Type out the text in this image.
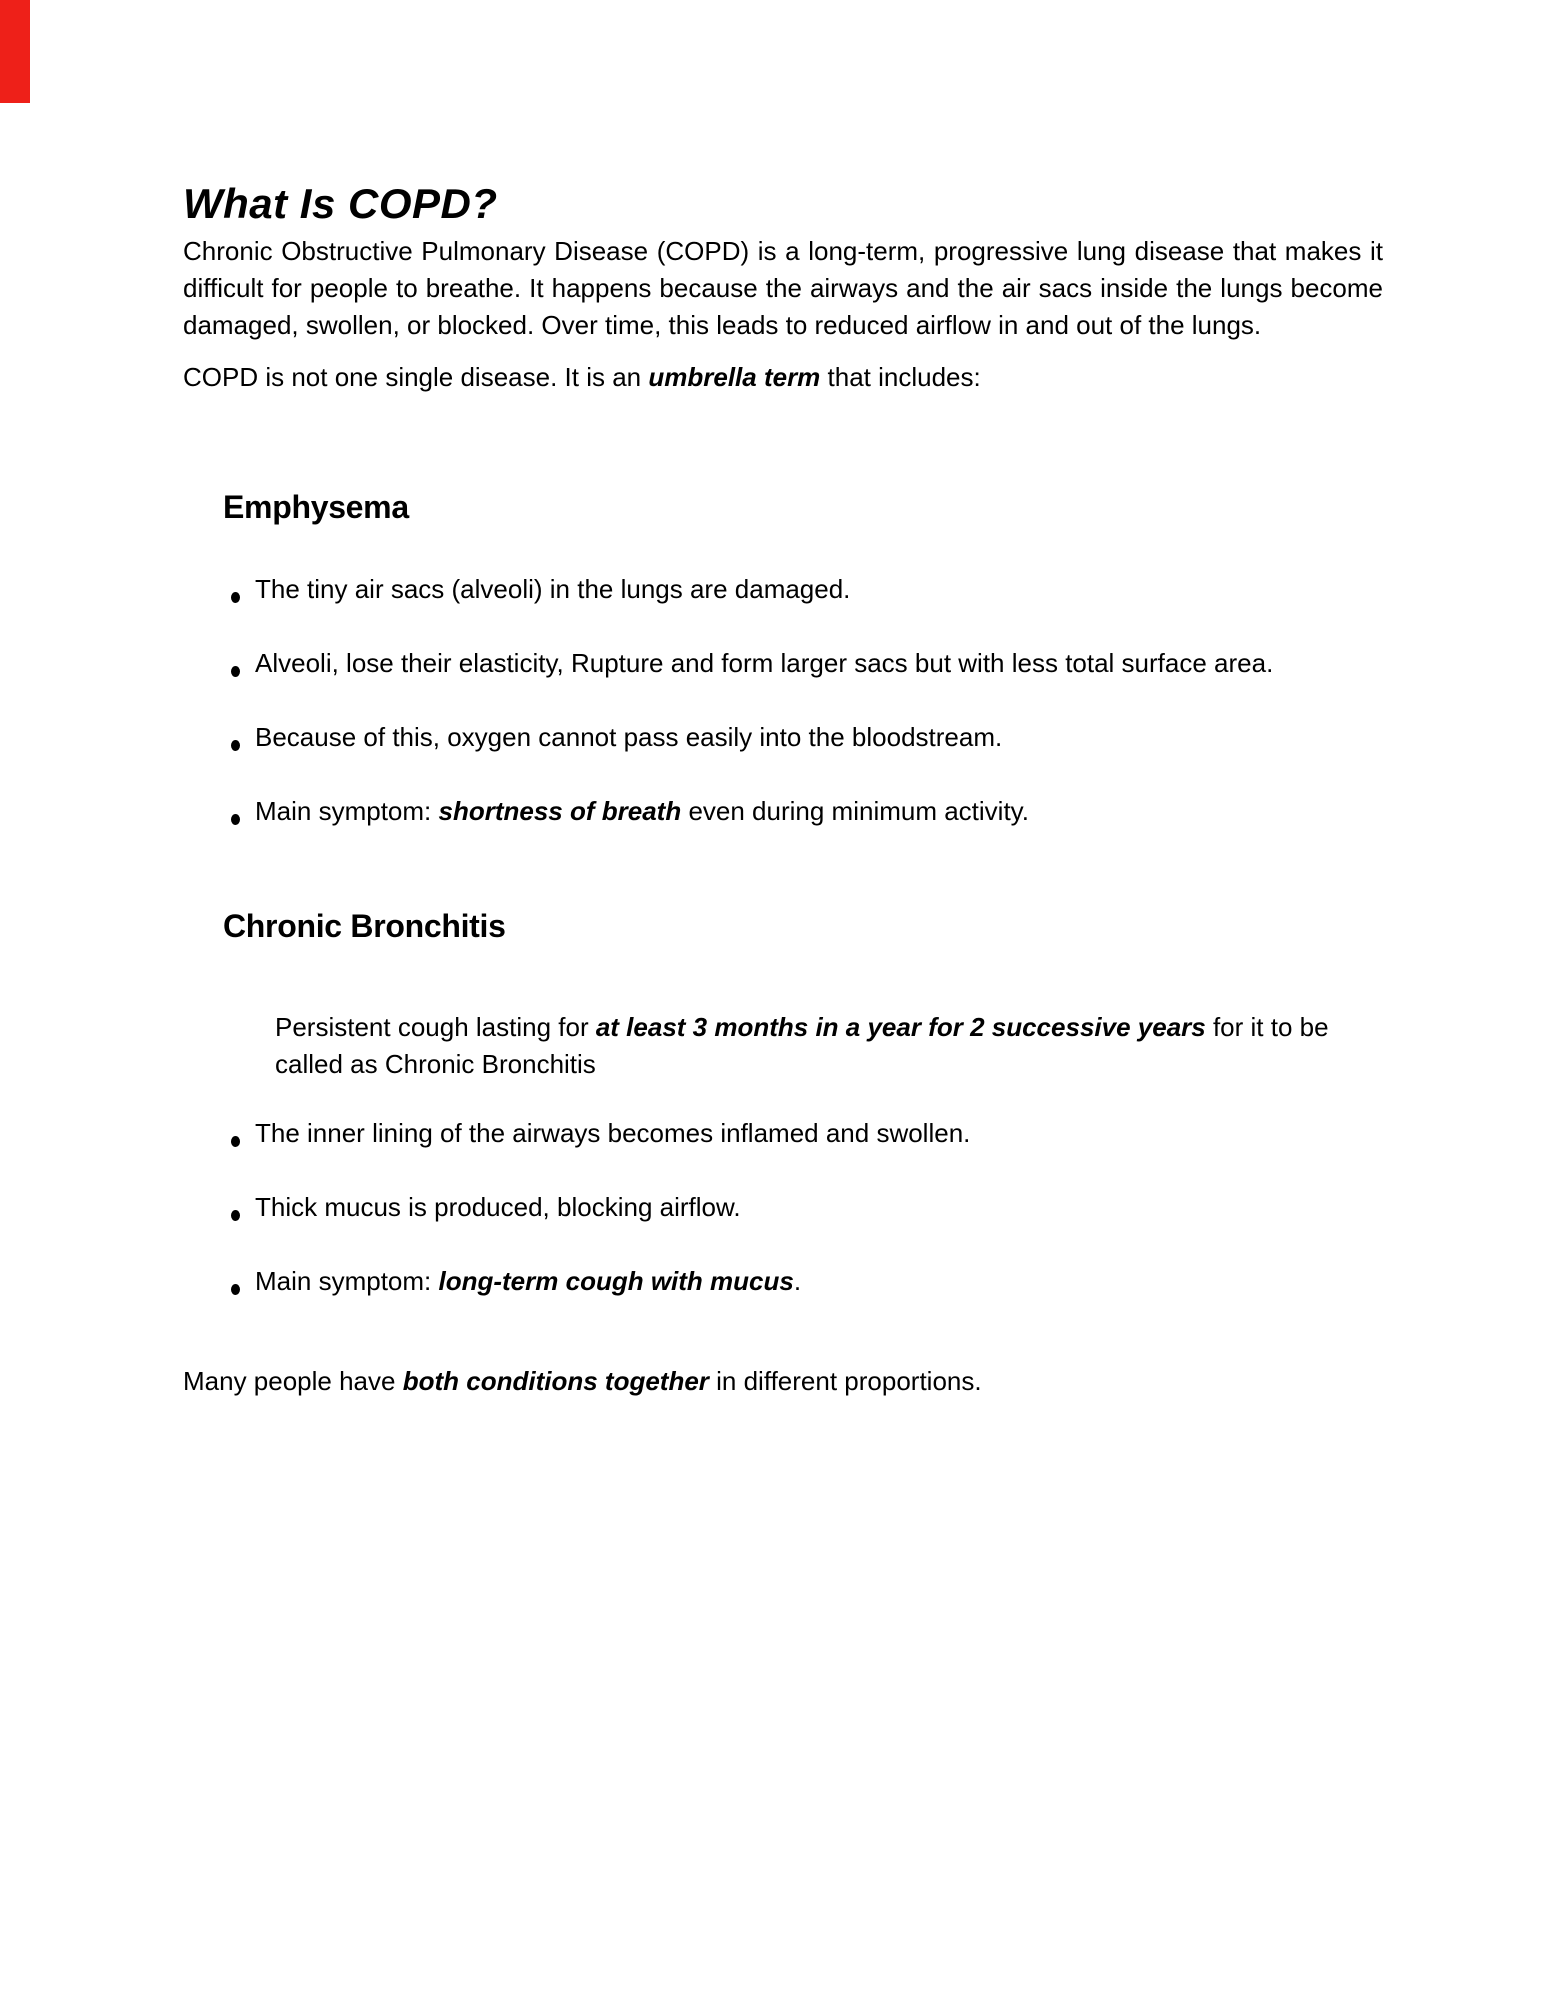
What Is COPD?

Chronic Obstructive Pulmonary Disease (COPD) is a long-term, progressive lung disease that makes it difficult for people to breathe. It happens because the airways and the air sacs inside the lungs become damaged, swollen, or blocked. Over time, this leads to reduced airflow in and out of the lungs.

COPD is not one single disease. It is an umbrella term that includes:

Emphysema
The tiny air sacs (alveoli) in the lungs are damaged.
Alveoli, lose their elasticity, Rupture and form larger sacs but with less total surface area.
Because of this, oxygen cannot pass easily into the bloodstream.
Main symptom: shortness of breath even during minimum activity.
Chronic Bronchitis

Persistent cough lasting for at least 3 months in a year for 2 successive years for it to be called as Chronic Bronchitis

The inner lining of the airways becomes inflamed and swollen.
Thick mucus is produced, blocking airflow.
Main symptom: long-term cough with mucus.

Many people have both conditions together in different proportions.
